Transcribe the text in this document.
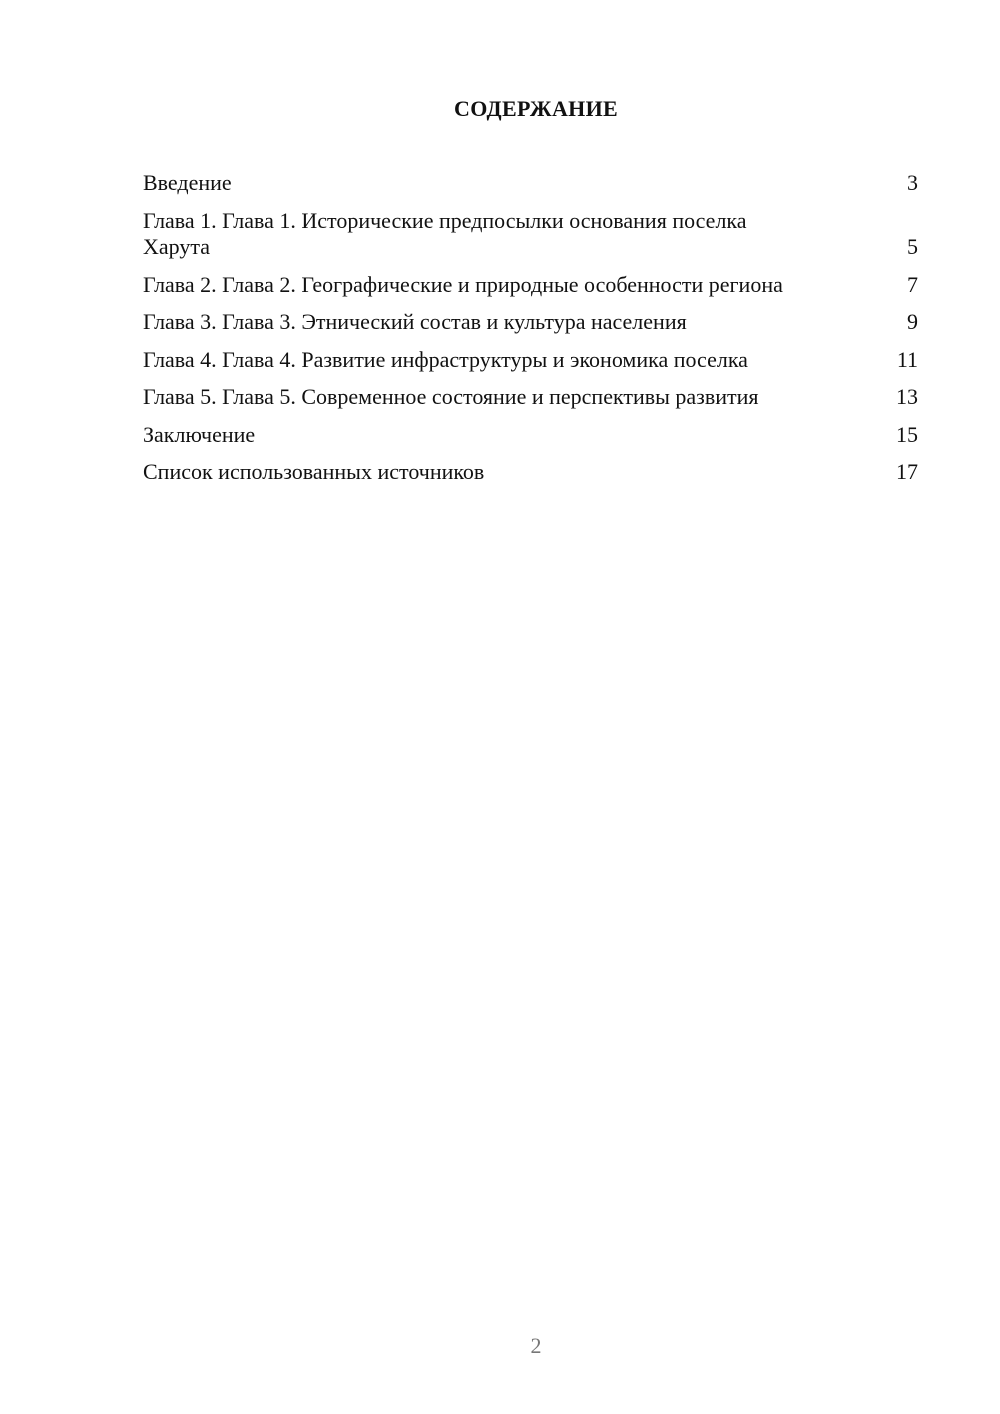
СОДЕРЖАНИЕ
Введение	3
Глава 1. Глава 1. Исторические предпосылки основания поселка Харута	5
Глава 2. Глава 2. Географические и природные особенности региона	7
Глава 3. Глава 3. Этнический состав и культура населения	9
Глава 4. Глава 4. Развитие инфраструктуры и экономика поселка	11
Глава 5. Глава 5. Современное состояние и перспективы развития	13
Заключение	15
Список использованных источников	17
2
